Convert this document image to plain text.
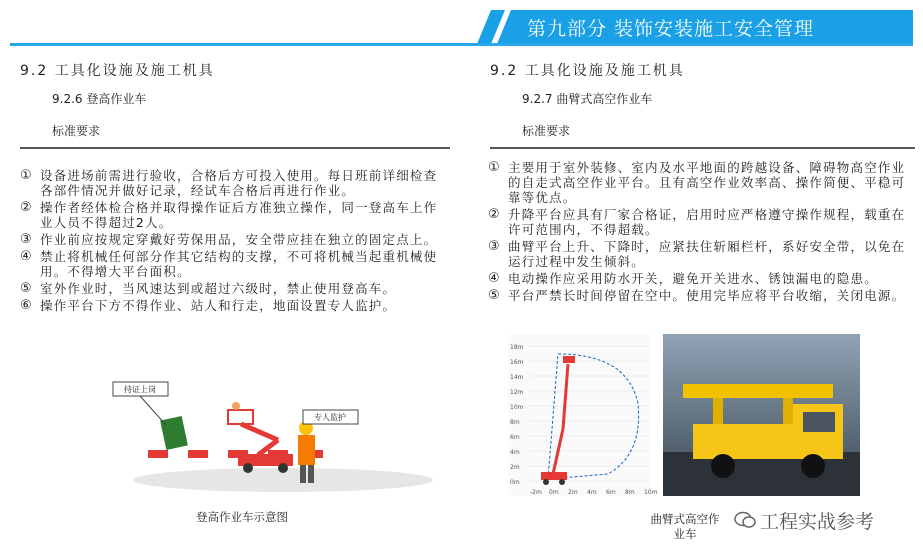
第九部分 装饰安装施工安全管理
9.2 工具化设施及施工机具
9.2.6 登高作业车
标准要求
① 设备进场前需进行验收，合格后方可投入使用。每日班前详细检查各部件情况并做好记录，经试车合格后再进行作业。
② 操作者经体检合格并取得操作证后方准独立操作，同一登高车上作业人员不得超过2人。
③ 作业前应按规定穿戴好劳保用品，安全带应挂在独立的固定点上。
④ 禁止将机械任何部分作其它结构的支撑，不可将机械当起重机械使用。不得增大平台面积。
⑤ 室外作业时，当风速达到或超过六级时，禁止使用登高车。
⑥ 操作平台下方不得作业、站人和行走，地面设置专人监护。
持证上岗
专人监护
登高作业车示意图
9.2 工具化设施及施工机具
9.2.7 曲臂式高空作业车
标准要求
① 主要用于室外装修、室内及水平地面的跨越设备、障碍物高空作业的自走式高空作业平台。且有高空作业效率高、操作简便、平稳可靠等优点。
② 升降平台应具有厂家合格证，启用时应严格遵守操作规程，载重在许可范围内，不得超载。
③ 曲臂平台上升、下降时，应紧扶住斩厢栏杆，系好安全带，以免在运行过程中发生倾斜。
④ 电动操作应采用防水开关，避免开关进水、锈蚀漏电的隐患。
⑤ 平台严禁长时间停留在空中。使用完毕应将平台收缩，关闭电源。
18m
16m
14m
12m
10m
8m
6m
4m
2m
0m
-2m 0m 2m 4m 6m 8m 10m
曲臂式高空作业车
工程实战参考
